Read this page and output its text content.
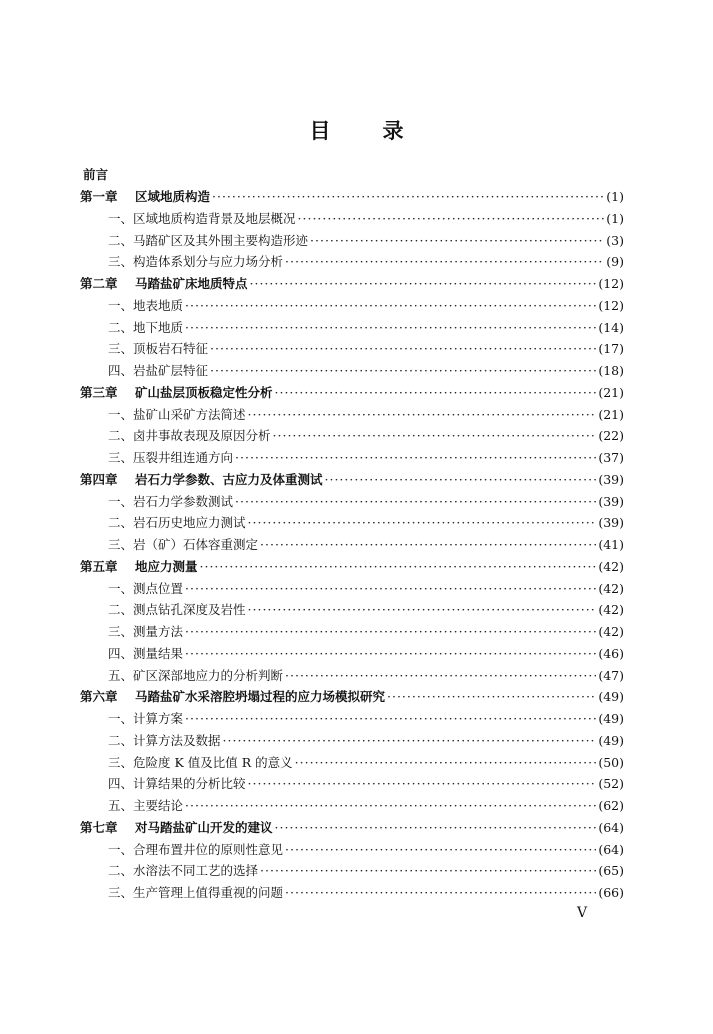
目 录
前言
第一章 区域地质构造 ·····	(1)
一、区域地质构造背景及地层概况 ·····	(1)
二、马踏矿区及其外围主要构造形迹 ·····	(3)
三、构造体系划分与应力场分析 ·····	(9)
第二章 马踏盐矿床地质特点 ·····	(12)
一、地表地质 ·····	(12)
二、地下地质 ·····	(14)
三、顶板岩石特征 ·····	(17)
四、岩盐矿层特征 ·····	(18)
第三章 矿山盐层顶板稳定性分析 ·····	(21)
一、盐矿山采矿方法简述 ·····	(21)
二、卤井事故表现及原因分析 ·····	(22)
三、压裂井组连通方向 ·····	(37)
第四章 岩石力学参数、古应力及体重测试 ·····	(39)
一、岩石力学参数测试 ·····	(39)
二、岩石历史地应力测试 ·····	(39)
三、岩（矿）石体容重测定 ·····	(41)
第五章 地应力测量 ·····	(42)
一、测点位置 ·····	(42)
二、测点钻孔深度及岩性 ·····	(42)
三、测量方法 ·····	(42)
四、测量结果 ·····	(46)
五、矿区深部地应力的分析判断 ·····	(47)
第六章 马踏盐矿水采溶腔坍塌过程的应力场模拟研究 ·····	(49)
一、计算方案 ·····	(49)
二、计算方法及数据 ·····	(49)
三、危险度 K 值及比值 R 的意义 ·····	(50)
四、计算结果的分析比较 ·····	(52)
五、主要结论 ·····	(62)
第七章 对马踏盐矿山开发的建议 ·····	(64)
一、合理布置井位的原则性意见 ·····	(64)
二、水溶法不同工艺的选择 ·····	(65)
三、生产管理上值得重视的问题 ·····	(66)
V
